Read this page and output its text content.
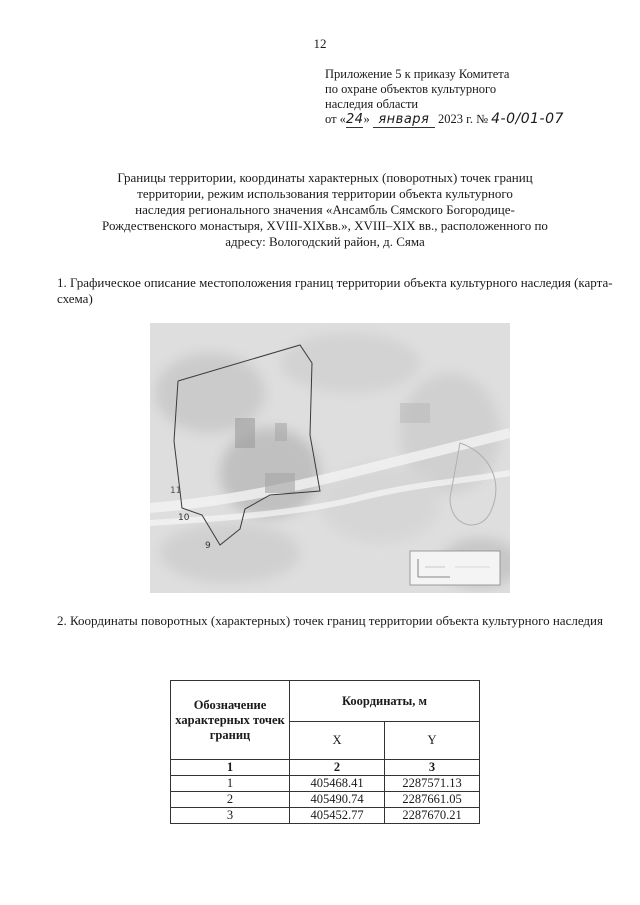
12
Приложение 5 к приказу Комитета
по охране объектов культурного
наследия области
от «24» января 2023 г. № 4-0/01-07
Границы территории, координаты характерных (поворотных) точек границ
территории, режим использования территории объекта культурного
наследия регионального значения «Ансамбль Сямского Богородице-
Рождественского монастыря, XVIII-XIXвв.», XVIII–XIX вв., расположенного по
адресу: Вологодский район, д. Сяма
1. Графическое описание местоположения границ территории объекта культурного наследия (карта-схема)
10
9
11
2. Координаты поворотных (характерных) точек границ территории объекта культурного наследия
Обозначение характерных точек границ	Координаты, м	
	X	Y
1	2	3
1	405468.41	2287571.13
2	405490.74	2287661.05
3	405452.77	2287670.21
